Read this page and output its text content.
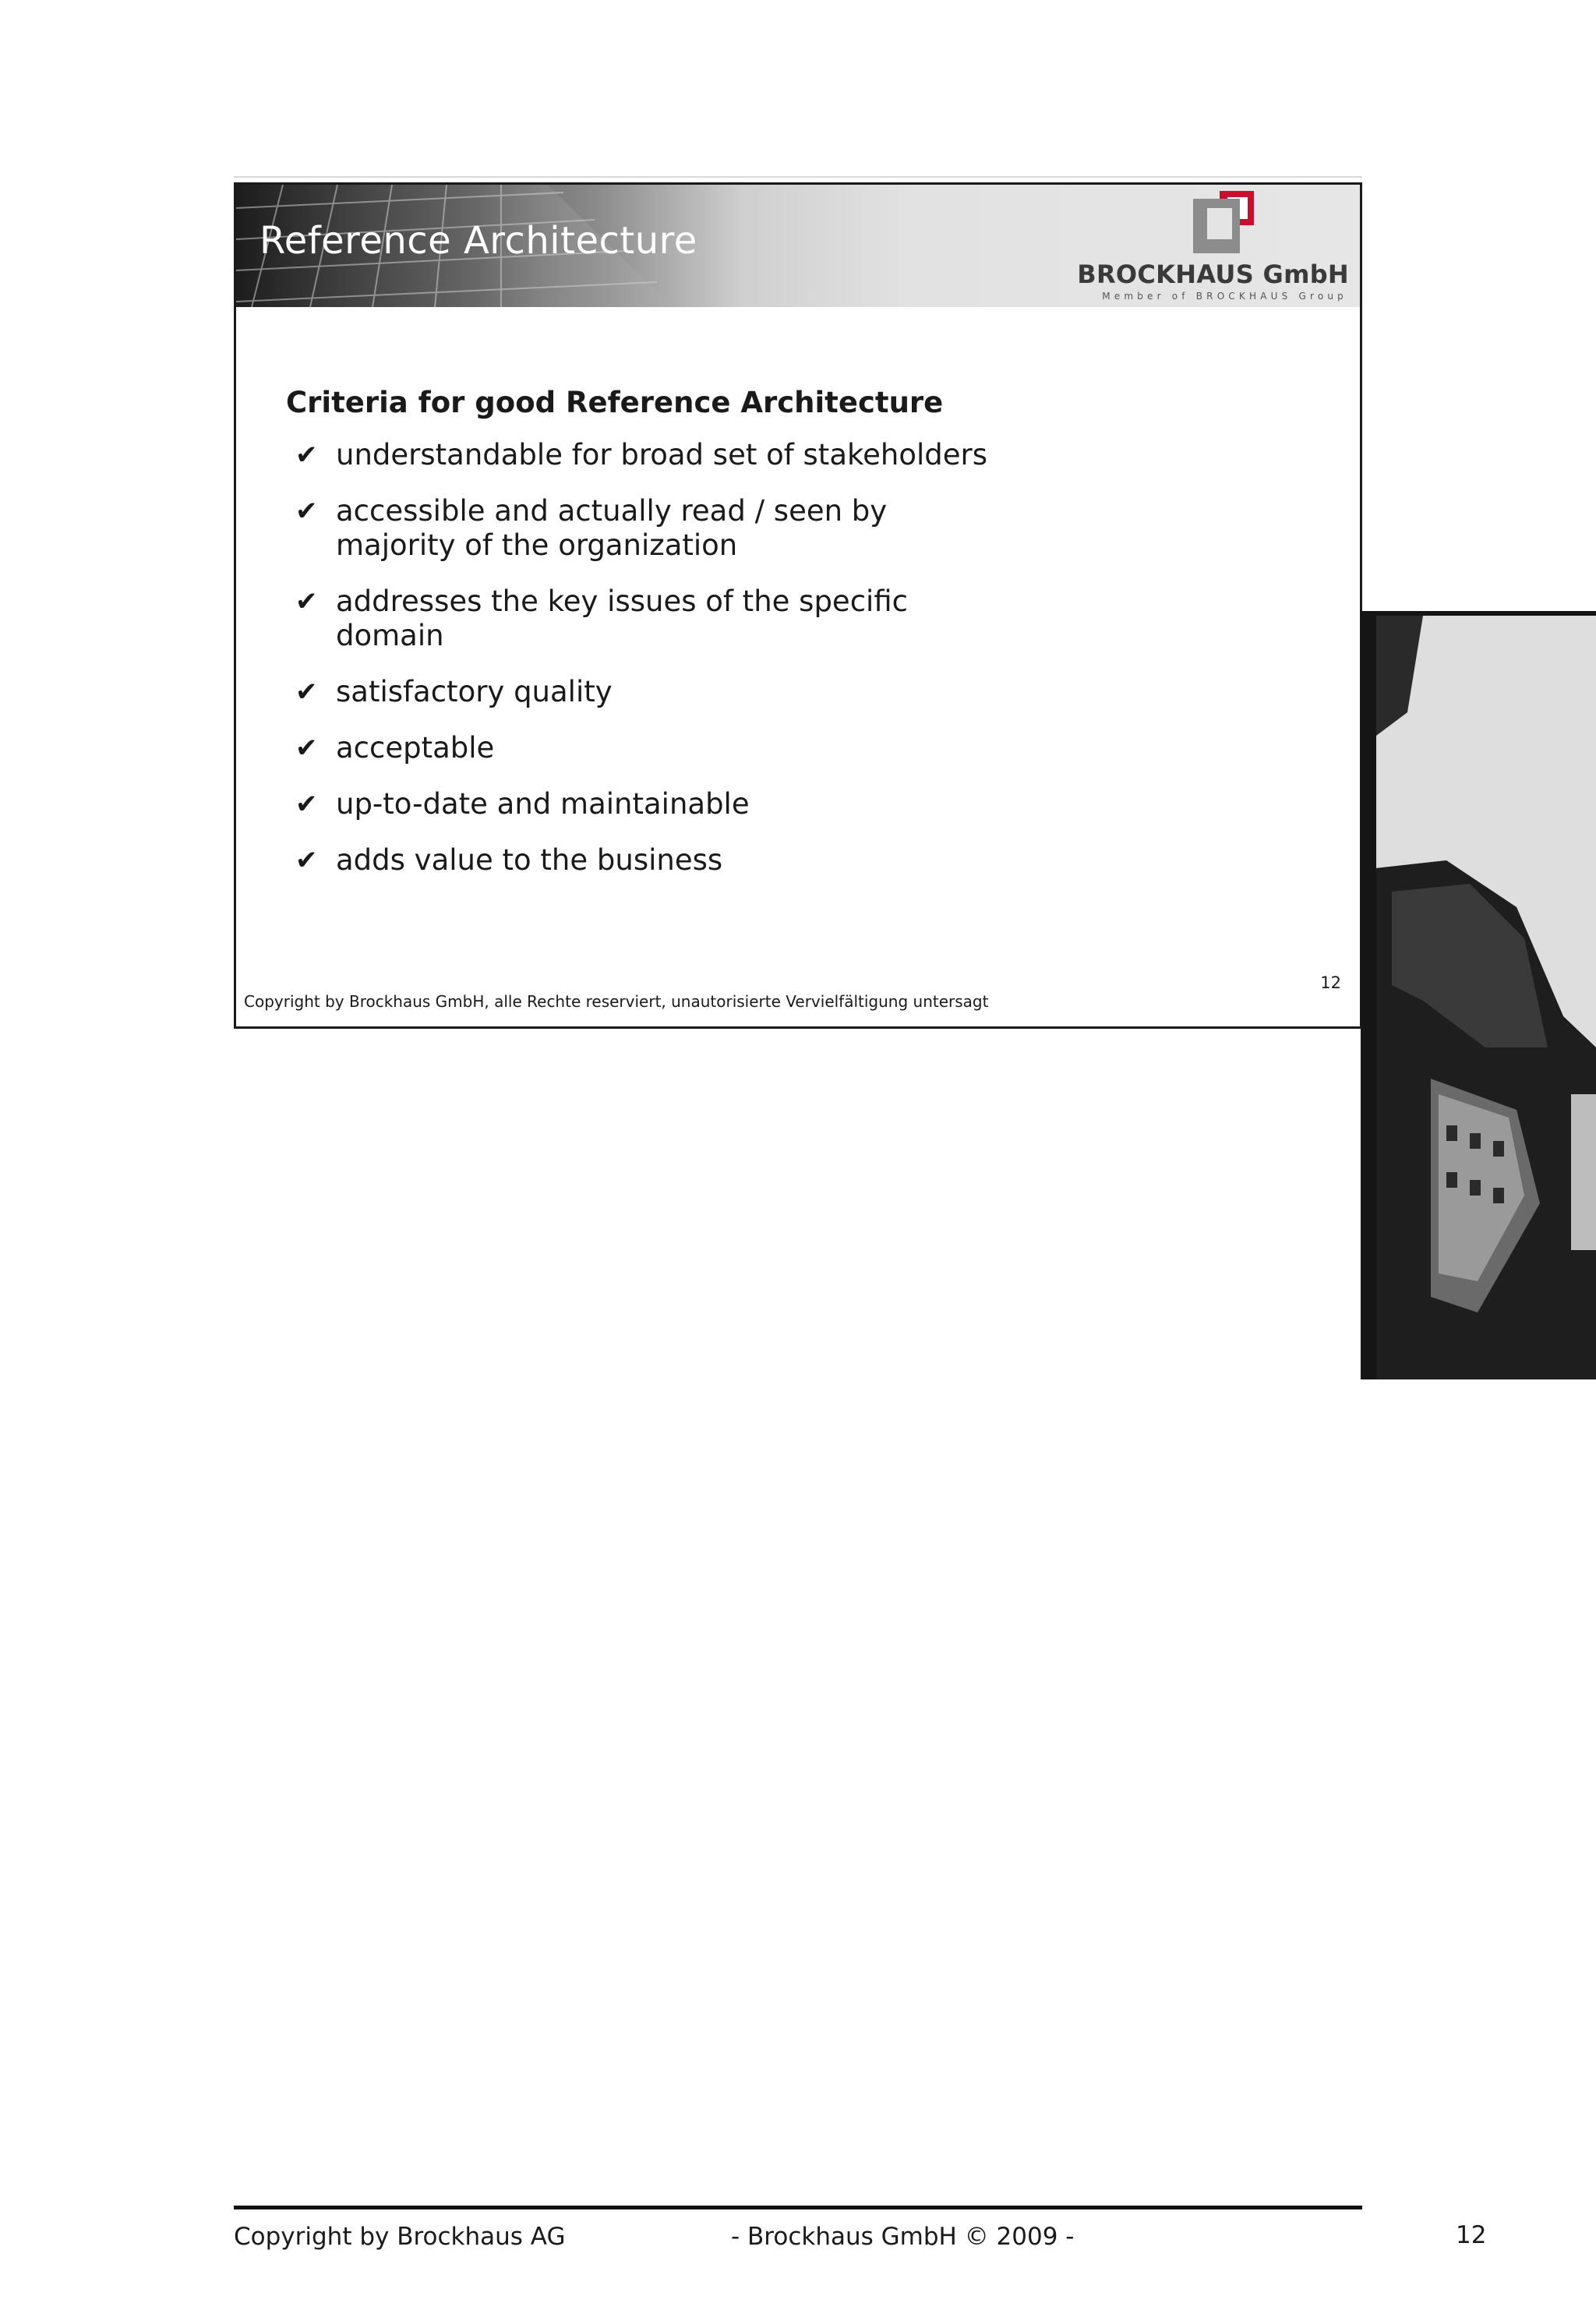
Reference Architecture
BROCKHAUS GmbH
Member of BROCKHAUS Group
Criteria for good Reference Architecture
✔ understandable for broad set of stakeholders
✔ accessible and actually read / seen by
majority of the organization
✔ addresses the key issues of the specific
domain
✔ satisfactory quality
✔ acceptable
✔ up-to-date and maintainable
✔ adds value to the business
12
Copyright by Brockhaus GmbH, alle Rechte reserviert, unautorisierte Vervielfältigung untersagt
Copyright by Brockhaus AG	- Brockhaus GmbH © 2009 -	12
